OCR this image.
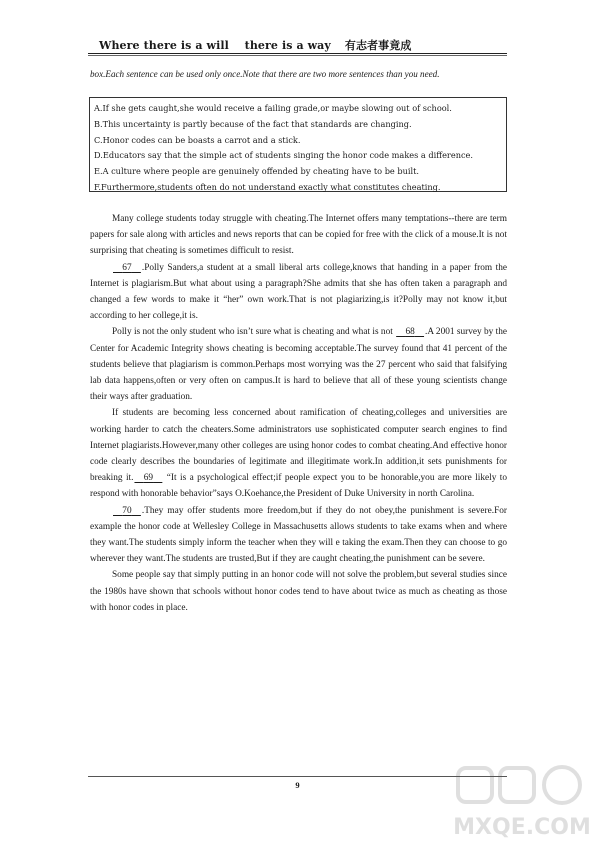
Where there is a will    there is a way 有志者事竟成
box.Each sentence can be used only once.Note that there are two more sentences than you need.
A.If she gets caught,she would receive a failing grade,or maybe slowing out of school.
B.This uncertainty is partly because of the fact that standards are changing.
C.Honor codes can be boasts a carrot and a stick.
D.Educators say that the simple act of students singing the honor code makes a difference.
E.A culture where people are genuinely offended by cheating have to be built.
F.Furthermore,students often do not understand exactly what constitutes cheating.

Many college students today struggle with cheating.The Internet offers many temptations--there are term papers for sale along with articles and news reports that can be copied for free with the click of a mouse.It is not surprising that cheating is sometimes difficult to resist.

67 .Polly Sanders,a student at a small liberal arts college,knows that handing in a paper from the Internet is plagiarism.But what about using a paragraph?She admits that she has often taken a paragraph and changed a few words to make it “her” own work.That is not plagiarizing,is it?Polly may not know it,but according to her college,it is.

Polly is not the only student who isn’t sure what is cheating and what is not 68 .A 2001 survey by the Center for Academic Integrity shows cheating is becoming acceptable.The survey found that 41 percent of the students believe that plagiarism is common.Perhaps most worrying was the 27 percent who said that falsifying lab data happens,often or very often on campus.It is hard to believe that all of these young scientists change their ways after graduation.

If students are becoming less concerned about ramification of cheating,colleges and universities are working harder to catch the cheaters.Some administrators use sophisticated computer search engines to find Internet plagiarists.However,many other colleges are using honor codes to combat cheating.And effective honor code clearly describes the boundaries of legitimate and illegitimate work.In addition,it sets punishments for breaking it. 69 “It is a psychological effect;if people expect you to be honorable,you are more likely to respond with honorable behavior”says O.Koehance,the President of Duke University in north Carolina.

70 .They may offer students more freedom,but if they do not obey,the punishment is severe.For example the honor code at Wellesley College in Massachusetts allows students to take exams when and where they want.The students simply inform the teacher when they will e taking the exam.Then they can choose to go wherever they want.The students are trusted,But if they are caught cheating,the punishment can be severe.

Some people say that simply putting in an honor code will not solve the problem,but several studies since the 1980s have shown that schools without honor codes tend to have about twice as much as cheating as those with honor codes in place.

9
MXQE.COM
